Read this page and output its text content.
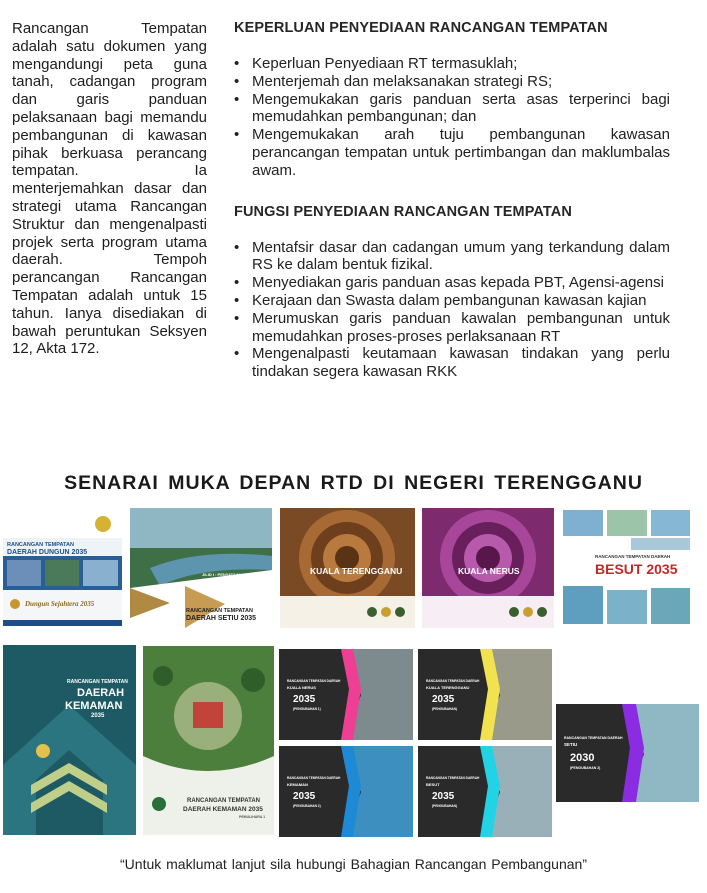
Rancangan Tempatan adalah satu dokumen yang mengandungi peta guna tanah, cadangan program dan garis panduan pelaksanaan bagi memandu pembangunan di kawasan pihak berkuasa perancang tempatan. Ia menterjemahkan dasar dan strategi utama Rancangan Struktur dan mengenalpasti projek serta program utama daerah. Tempoh perancangan Rancangan Tempatan adalah untuk 15 tahun. Ianya disediakan di bawah peruntukan Seksyen 12, Akta 172.

KEPERLUAN PENYEDIAAN RANCANGAN TEMPATAN
• Keperluan Penyediaan RT termasuklah;
• Menterjemah dan melaksanakan strategi RS;
• Mengemukakan garis panduan serta asas terperinci bagi memudahkan pembangunan; dan
• Mengemukakan arah tuju pembangunan kawasan perancangan tempatan untuk pertimbangan dan maklumbalas awam.
FUNGSI PENYEDIAAN RANCANGAN TEMPATAN
• Mentafsir dasar dan cadangan umum yang terkandung dalam RS ke dalam bentuk fizikal.
• Menyediakan garis panduan asas kepada PBT, Agensi-agensi
• Kerajaan dan Swasta dalam pembangunan kawasan kajian
• Merumuskan garis panduan kawalan pembangunan untuk memudahkan proses-proses perlaksanaan RT
• Mengenalpasti keutamaan kawasan tindakan yang perlu tindakan segera kawasan RKK
SENARAI MUKA DEPAN RTD DI NEGERI TERENGGANU
RANCANGAN TEMPATAN
DAERAH DUNGUN 2035
Dungun Sejahtera 2035
JILID I : PENYATAAN DERTULIS DAN STRATEGI PEMBANGUNAN
RANCANGAN TEMPATAN
DAERAH SETIU 2035
KUALA TERENGGANU	KUALA NERUS
RANCANGAN TEMPATAN DAERAH
BESUT 2035
RANCANGAN TEMPATAN
DAERAH
KEMAMAN
2035
RANCANGAN TEMPATAN
DAERAH KEMAMAN 2035
PEMULIHARA 1
RANCANGAN TEMPATAN DAERAH
KUALA NERUS
2035
(PENGUBAHAN 1)
RANCANGAN TEMPATAN DAERAH
KUALA TERENGGANU
2035
(PENGUBAHAN)
RANCANGAN TEMPATAN DAERAH
KEMAMAN
2035
(PENGUBAHAN 2)
RANCANGAN TEMPATAN DAERAH
BESUT
2035
(PENGUBAHAN)
RANCANGAN TEMPATAN DAERAH
SETIU
2030
(PENGUBAHAN 2)

“Untuk maklumat lanjut sila hubungi Bahagian Rancangan Pembangunan”
